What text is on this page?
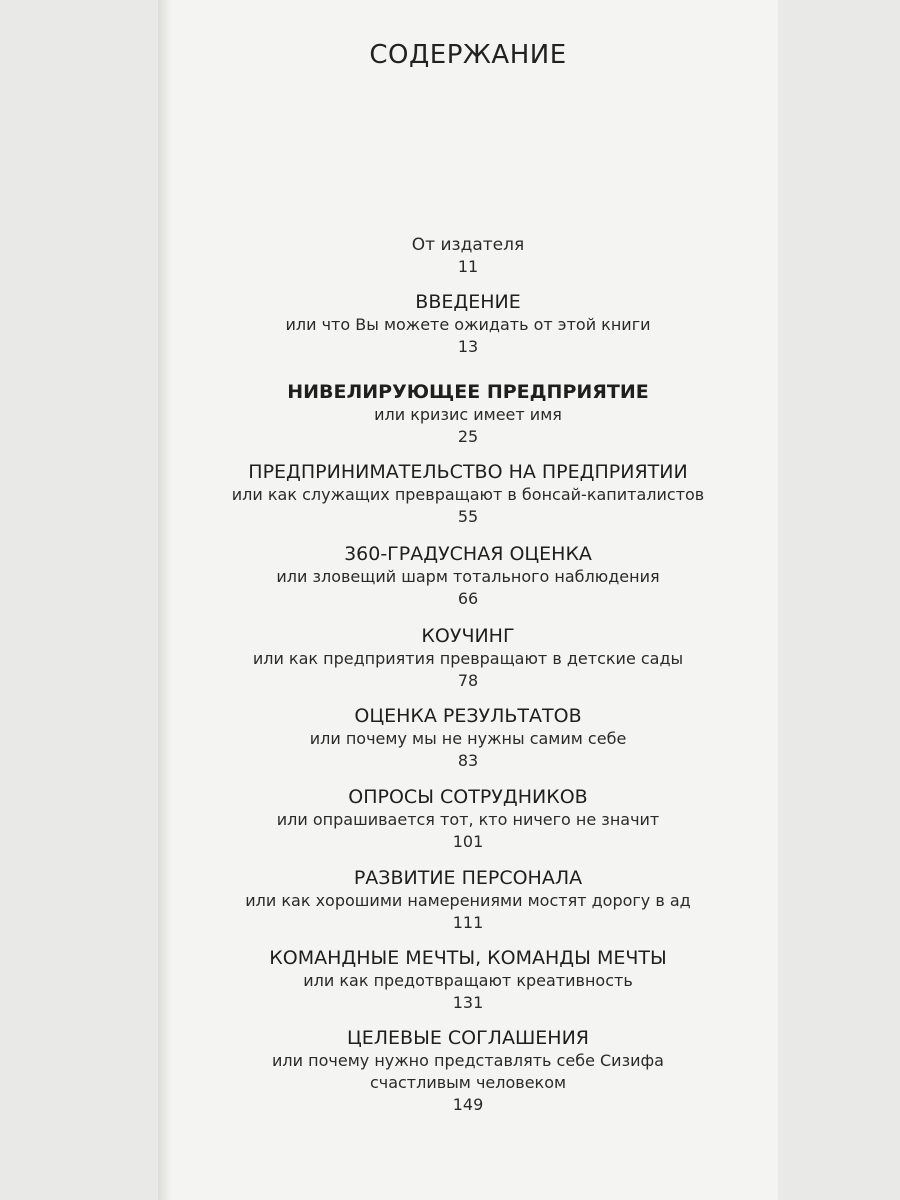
СОДЕРЖАНИЕ
От издателя
11
ВВЕДЕНИЕ
или что Вы можете ожидать от этой книги
13
НИВЕЛИРУЮЩЕЕ ПРЕДПРИЯТИЕ
или кризис имеет имя
25
ПРЕДПРИНИМАТЕЛЬСТВО НА ПРЕДПРИЯТИИ
или как служащих превращают в бонсай-капиталистов
55
360-ГРАДУСНАЯ ОЦЕНКА
или зловещий шарм тотального наблюдения
66
КОУЧИНГ
или как предприятия превращают в детские сады
78
ОЦЕНКА РЕЗУЛЬТАТОВ
или почему мы не нужны самим себе
83
ОПРОСЫ СОТРУДНИКОВ
или опрашивается тот, кто ничего не значит
101
РАЗВИТИЕ ПЕРСОНАЛА
или как хорошими намерениями мостят дорогу в ад
111
КОМАНДНЫЕ МЕЧТЫ, КОМАНДЫ МЕЧТЫ
или как предотвращают креативность
131
ЦЕЛЕВЫЕ СОГЛАШЕНИЯ
или почему нужно представлять себе Сизифа
счастливым человеком
149
